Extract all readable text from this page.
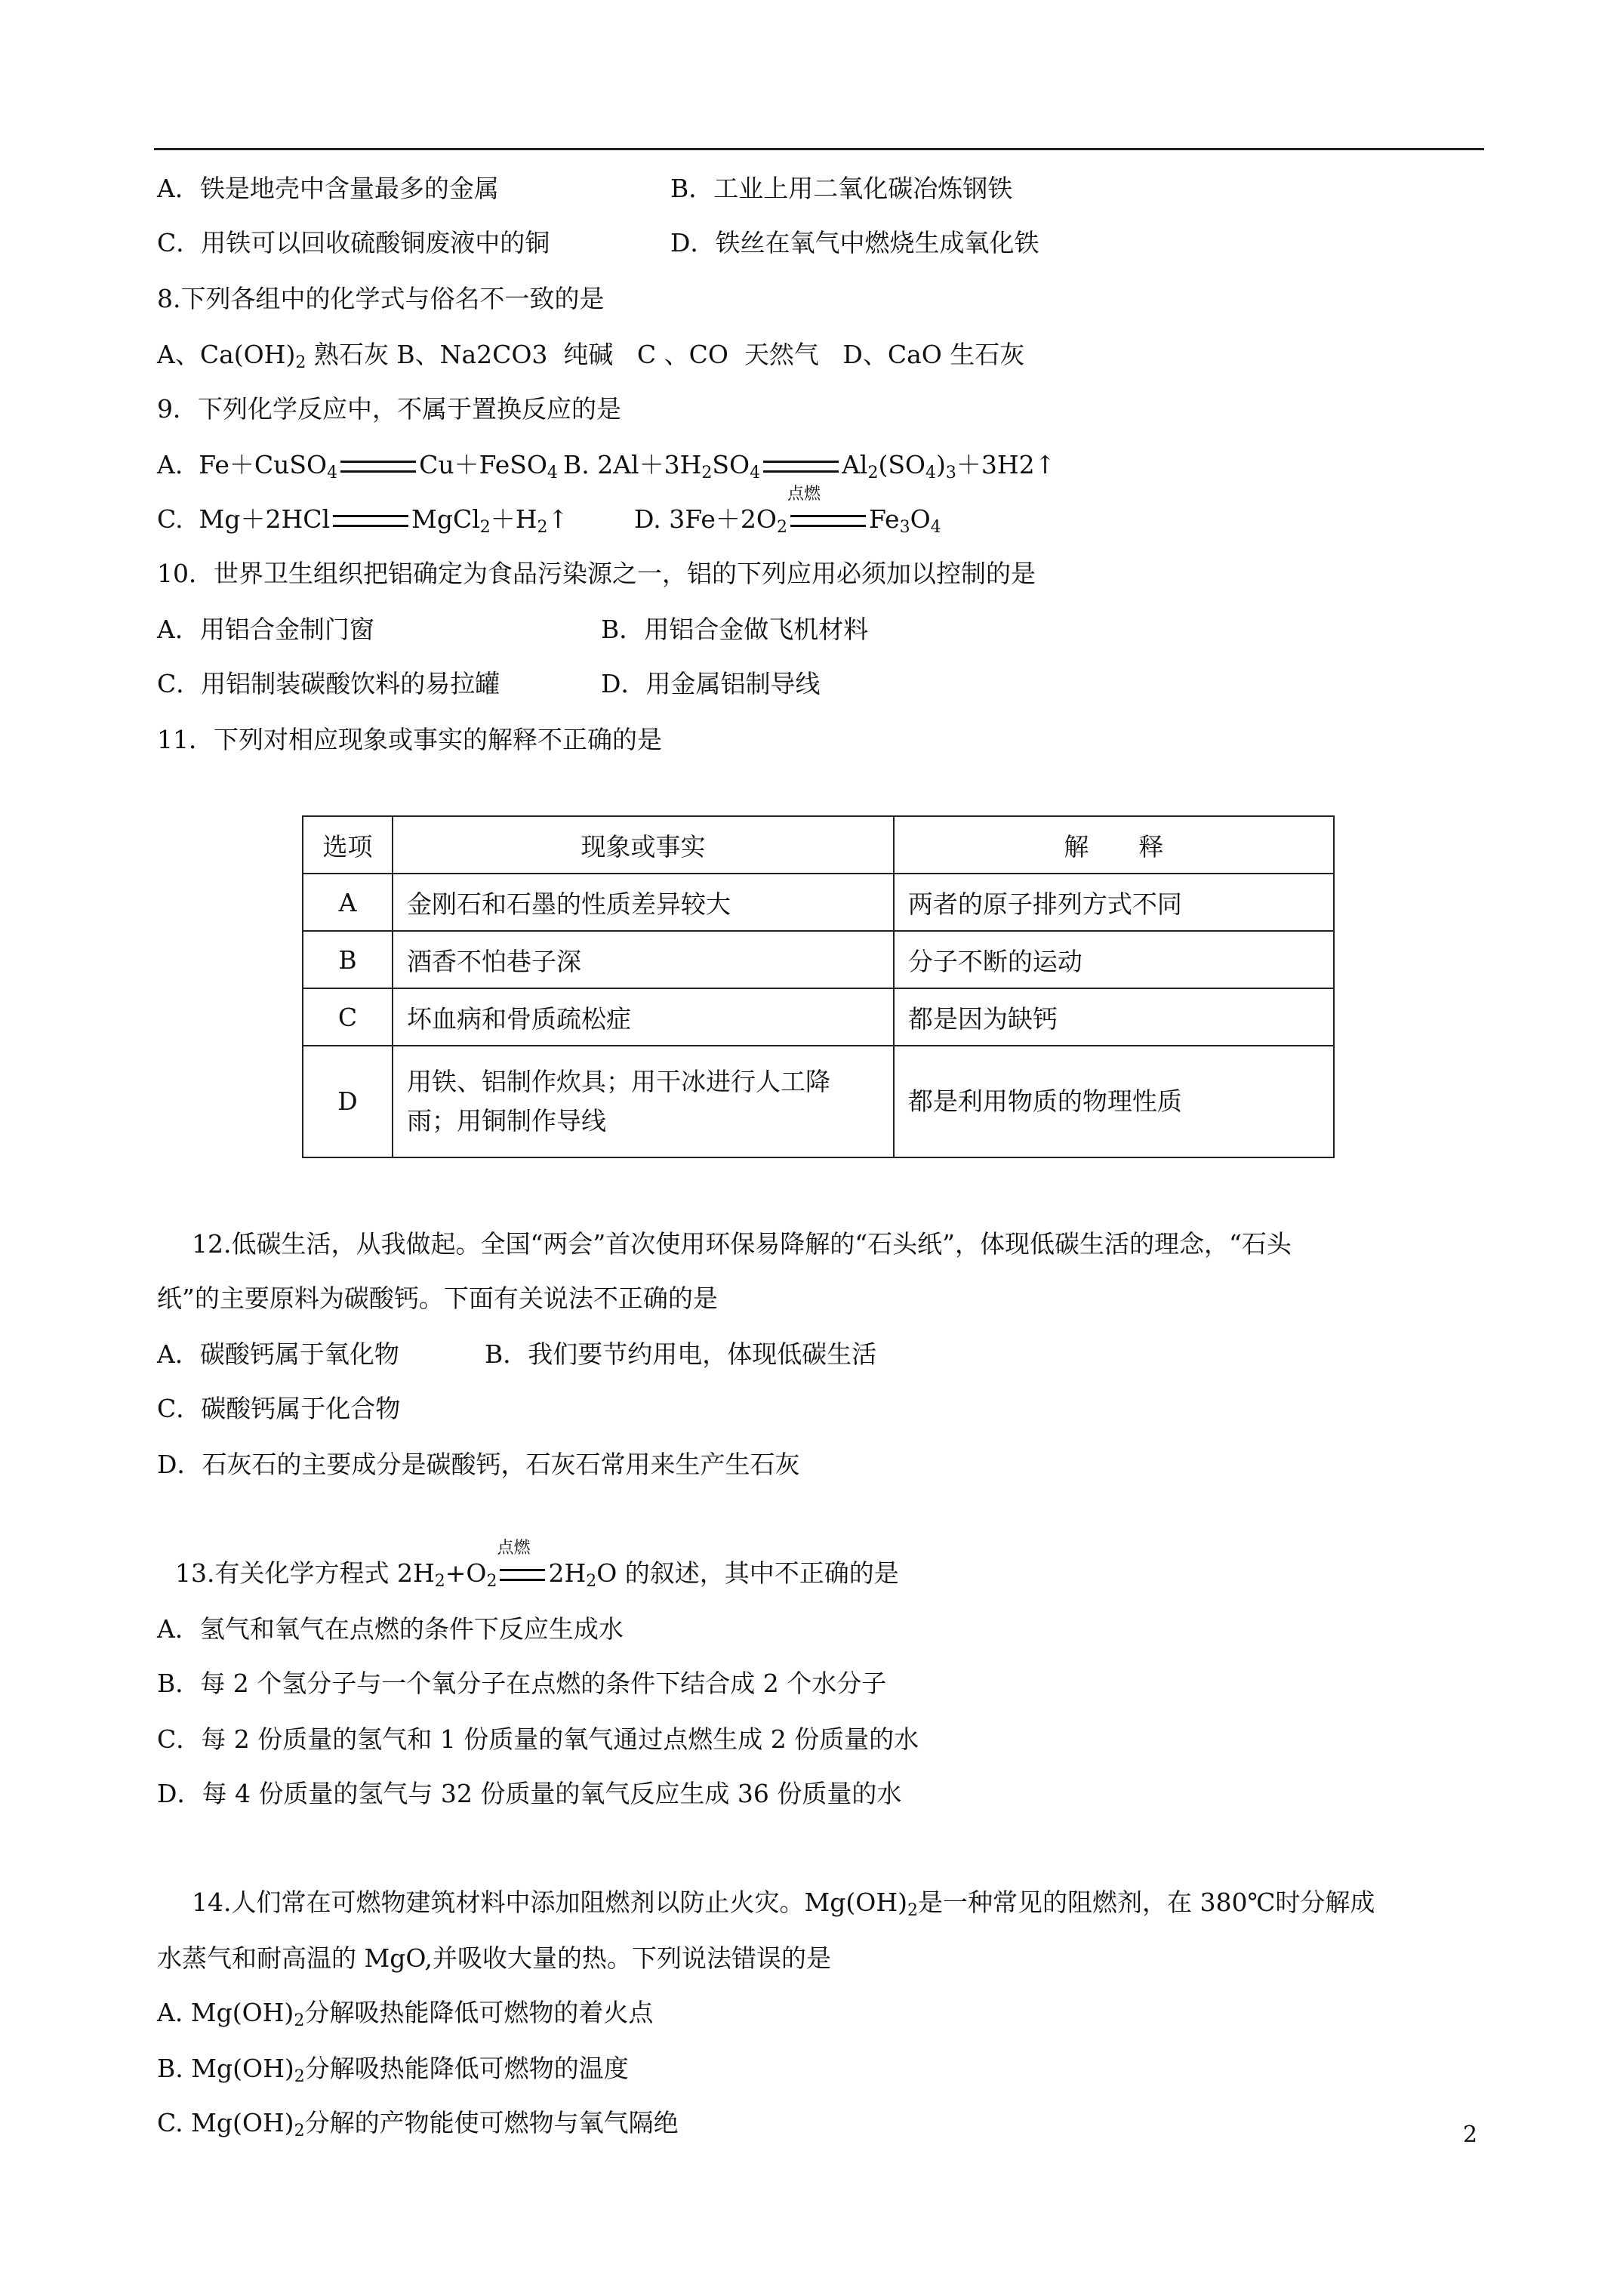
A．铁是地壳中含量最多的金属	B．工业上用二氧化碳冶炼钢铁
C．用铁可以回收硫酸铜废液中的铜	D．铁丝在氧气中燃烧生成氧化铁
8.下列各组中的化学式与俗名不一致的是
A、$Ca(OH)_2$ 熟石灰 B、Na2CO3  纯碱   C 、CO  天然气   D、CaO 生石灰
9．下列化学反应中，不属于置换反应的是
A.  Fe＋CuSO$_4$	Cu＋FeSO$_4$ B. $2Al+3H_2SO_4$	$Al_2(SO_4)_3+3H2↑$
C.  Mg＋2HCl	$MgCl_2+H_2↑$	D. $3Fe+2O_2$
点燃
$Fe_3O_4$
10．世界卫生组织把铝确定为食品污染源之一，铝的下列应用必须加以控制的是
A．用铝合金制门窗	B．用铝合金做飞机材料
C．用铝制装碳酸饮料的易拉罐	D．用金属铝制导线
11．下列对相应现象或事实的解释不正确的是
选项	现象或事实	解　　释
A	金刚石和石墨的性质差异较大	两者的原子排列方式不同
B	酒香不怕巷子深	分子不断的运动
C	坏血病和骨质疏松症	都是因为缺钙
D	用铁、铝制作炊具；用干冰进行人工降雨；用铜制作导线	都是利用物质的物理性质
12.低碳生活，从我做起。全国“两会”首次使用环保易降解的“石头纸”，体现低碳生活的理念，“石头
纸”的主要原料为碳酸钙。下面有关说法不正确的是
A．碳酸钙属于氧化物	B．我们要节约用电，体现低碳生活
C．碳酸钙属于化合物
D．石灰石的主要成分是碳酸钙，石灰石常用来生产生石灰
13.有关化学方程式 $2H_2+O_2$
点燃
$2H_2O$ 的叙述，其中不正确的是
A．氢气和氧气在点燃的条件下反应生成水
B．每 2 个氢分子与一个氧分子在点燃的条件下结合成 2 个水分子
C．每 2 份质量的氢气和 1 份质量的氧气通过点燃生成 2 份质量的水
D．每 4 份质量的氢气与 32 份质量的氧气反应生成 36 份质量的水
14.人们常在可燃物建筑材料中添加阻燃剂以防止火灾。$Mg(OH)_2$是一种常见的阻燃剂，在 380℃时分解成
水蒸气和耐高温的 MgO,并吸收大量的热。下列说法错误的是
A. $Mg(OH)_2$分解吸热能降低可燃物的着火点
B. $Mg(OH)_2$分解吸热能降低可燃物的温度
C. $Mg(OH)_2$分解的产物能使可燃物与氧气隔绝	2
